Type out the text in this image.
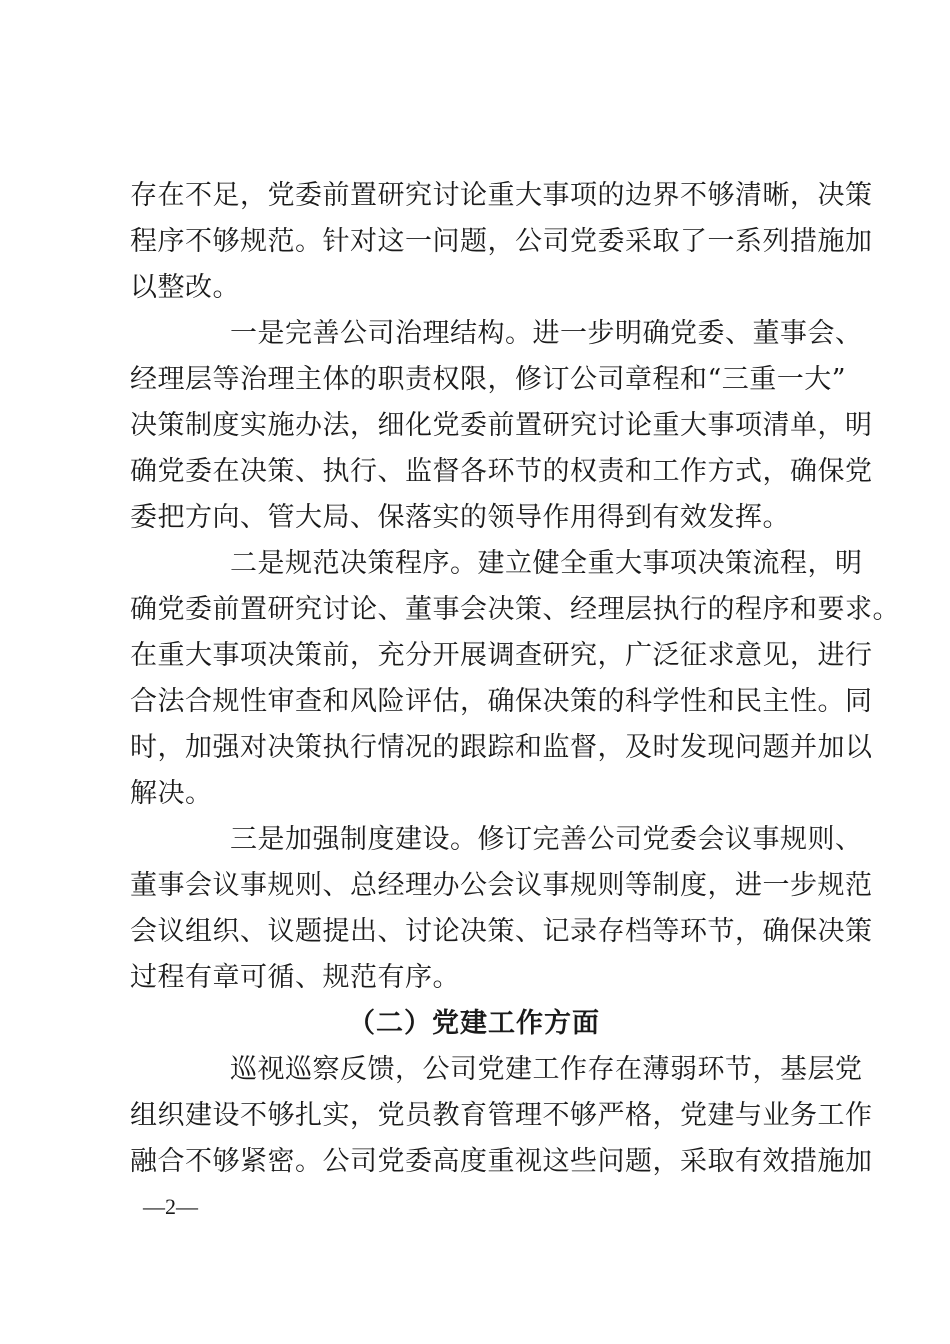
存在不足，党委前置研究讨论重大事项的边界不够清晰，决策
程序不够规范。针对这一问题，公司党委采取了一系列措施加
以整改。
一是完善公司治理结构。进一步明确党委、董事会、
经理层等治理主体的职责权限，修订公司章程和“三重一大”
决策制度实施办法，细化党委前置研究讨论重大事项清单，明
确党委在决策、执行、监督各环节的权责和工作方式，确保党
委把方向、管大局、保落实的领导作用得到有效发挥。
二是规范决策程序。建立健全重大事项决策流程，明
确党委前置研究讨论、董事会决策、经理层执行的程序和要求。
在重大事项决策前，充分开展调查研究，广泛征求意见，进行
合法合规性审查和风险评估，确保决策的科学性和民主性。同
时，加强对决策执行情况的跟踪和监督，及时发现问题并加以
解决。
三是加强制度建设。修订完善公司党委会议事规则、
董事会议事规则、总经理办公会议事规则等制度，进一步规范
会议组织、议题提出、讨论决策、记录存档等环节，确保决策
过程有章可循、规范有序。
（二）党建工作方面
巡视巡察反馈，公司党建工作存在薄弱环节，基层党
组织建设不够扎实，党员教育管理不够严格，党建与业务工作
融合不够紧密。公司党委高度重视这些问题，采取有效措施加
—2—
